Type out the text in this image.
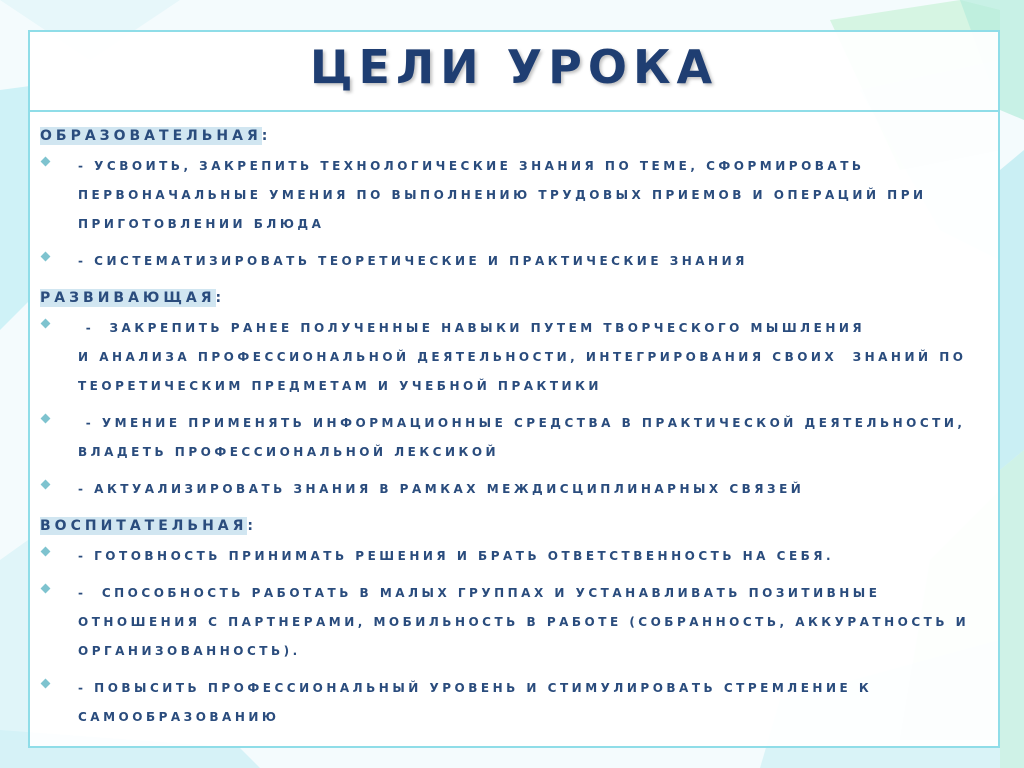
ЦЕЛИ УРОКА
ОБРАЗОВАТЕЛЬНАЯ:
- УСВОИТЬ, ЗАКРЕПИТЬ ТЕХНОЛОГИЧЕСКИЕ ЗНАНИЯ ПО ТЕМЕ, СФОРМИРОВАТЬ ПЕРВОНАЧАЛЬНЫЕ УМЕНИЯ ПО ВЫПОЛНЕНИЮ ТРУДОВЫХ ПРИЕМОВ И ОПЕРАЦИЙ ПРИ ПРИГОТОВЛЕНИИ БЛЮДА
- СИСТЕМАТИЗИРОВАТЬ ТЕОРЕТИЧЕСКИЕ И ПРАКТИЧЕСКИЕ ЗНАНИЯ
РАЗВИВАЮЩАЯ:
-  ЗАКРЕПИТЬ РАНЕЕ ПОЛУЧЕННЫЕ НАВЫКИ ПУТЕМ ТВОРЧЕСКОГО МЫШЛЕНИЯ
И АНАЛИЗА ПРОФЕССИОНАЛЬНОЙ ДЕЯТЕЛЬНОСТИ, ИНТЕГРИРОВАНИЯ СВОИХ  ЗНАНИЙ ПО ТЕОРЕТИЧЕСКИМ ПРЕДМЕТАМ И УЧЕБНОЙ ПРАКТИКИ
- УМЕНИЕ ПРИМЕНЯТЬ ИНФОРМАЦИОННЫЕ СРЕДСТВА В ПРАКТИЧЕСКОЙ ДЕЯТЕЛЬНОСТИ, ВЛАДЕТЬ ПРОФЕССИОНАЛЬНОЙ ЛЕКСИКОЙ
- АКТУАЛИЗИРОВАТЬ ЗНАНИЯ В РАМКАХ МЕЖДИСЦИПЛИНАРНЫХ СВЯЗЕЙ
ВОСПИТАТЕЛЬНАЯ:
- ГОТОВНОСТЬ ПРИНИМАТЬ РЕШЕНИЯ И БРАТЬ ОТВЕТСТВЕННОСТЬ НА СЕБЯ.
-  СПОСОБНОСТЬ РАБОТАТЬ В МАЛЫХ ГРУППАХ И УСТАНАВЛИВАТЬ ПОЗИТИВНЫЕ ОТНОШЕНИЯ С ПАРТНЕРАМИ, МОБИЛЬНОСТЬ В РАБОТЕ (СОБРАННОСТЬ, АККУРАТНОСТЬ И ОРГАНИЗОВАННОСТЬ).
- ПОВЫСИТЬ ПРОФЕССИОНАЛЬНЫЙ УРОВЕНЬ И СТИМУЛИРОВАТЬ СТРЕМЛЕНИЕ К САМООБРАЗОВАНИЮ
